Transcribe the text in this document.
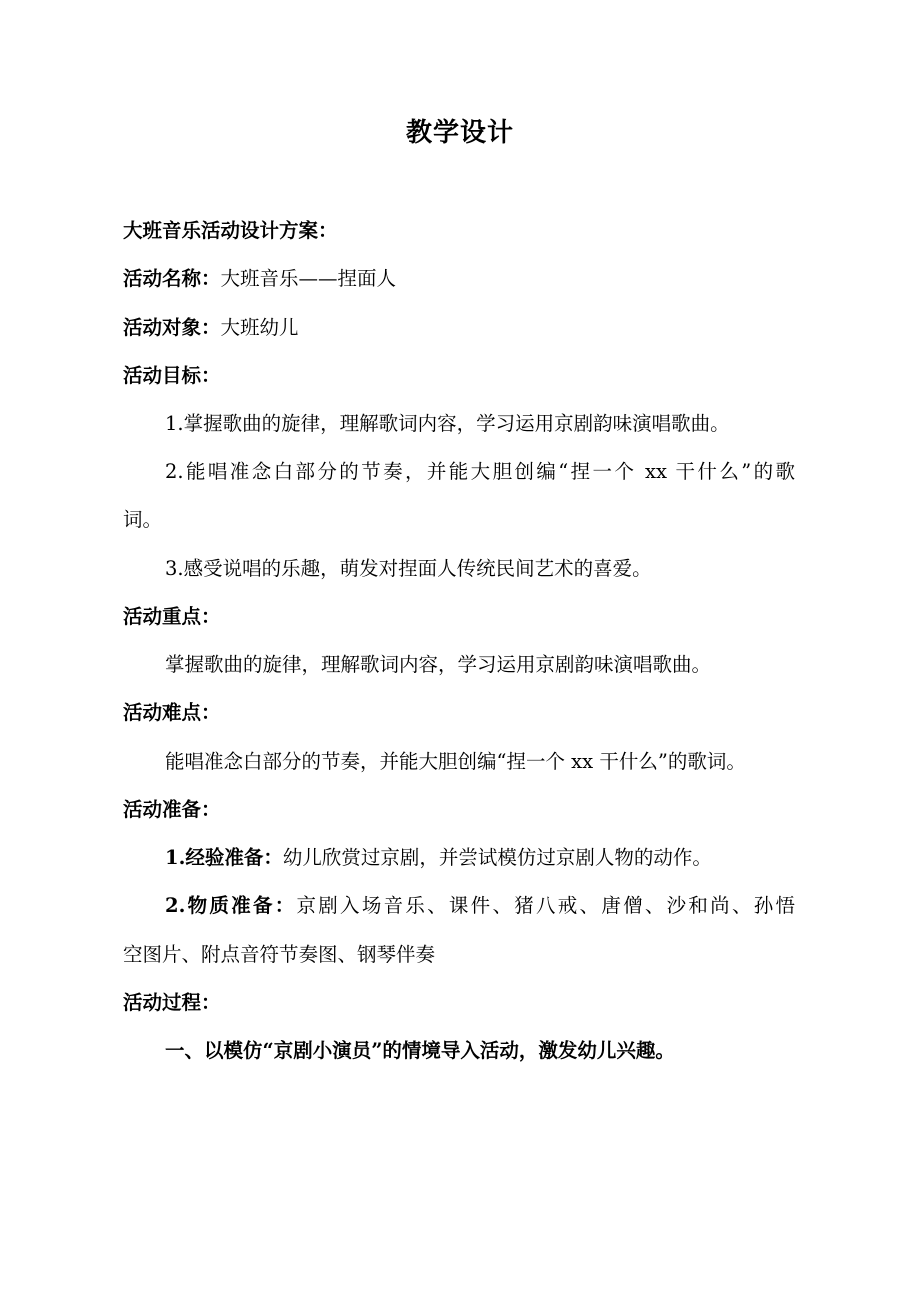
教学设计
大班音乐活动设计方案：
活动名称：大班音乐——捏面人
活动对象：大班幼儿
活动目标：
1.掌握歌曲的旋律，理解歌词内容，学习运用京剧韵味演唱歌曲。
2.能唱准念白部分的节奏，并能大胆创编“捏一个 xx 干什么”的歌
词。
3.感受说唱的乐趣，萌发对捏面人传统民间艺术的喜爱。
活动重点：
掌握歌曲的旋律，理解歌词内容，学习运用京剧韵味演唱歌曲。
活动难点：
能唱准念白部分的节奏，并能大胆创编“捏一个 xx 干什么”的歌词。
活动准备：
1.经验准备：幼儿欣赏过京剧，并尝试模仿过京剧人物的动作。
2.物质准备：京剧入场音乐、课件、猪八戒、唐僧、沙和尚、孙悟
空图片、附点音符节奏图、钢琴伴奏
活动过程：
一、以模仿“京剧小演员”的情境导入活动，激发幼儿兴趣。
